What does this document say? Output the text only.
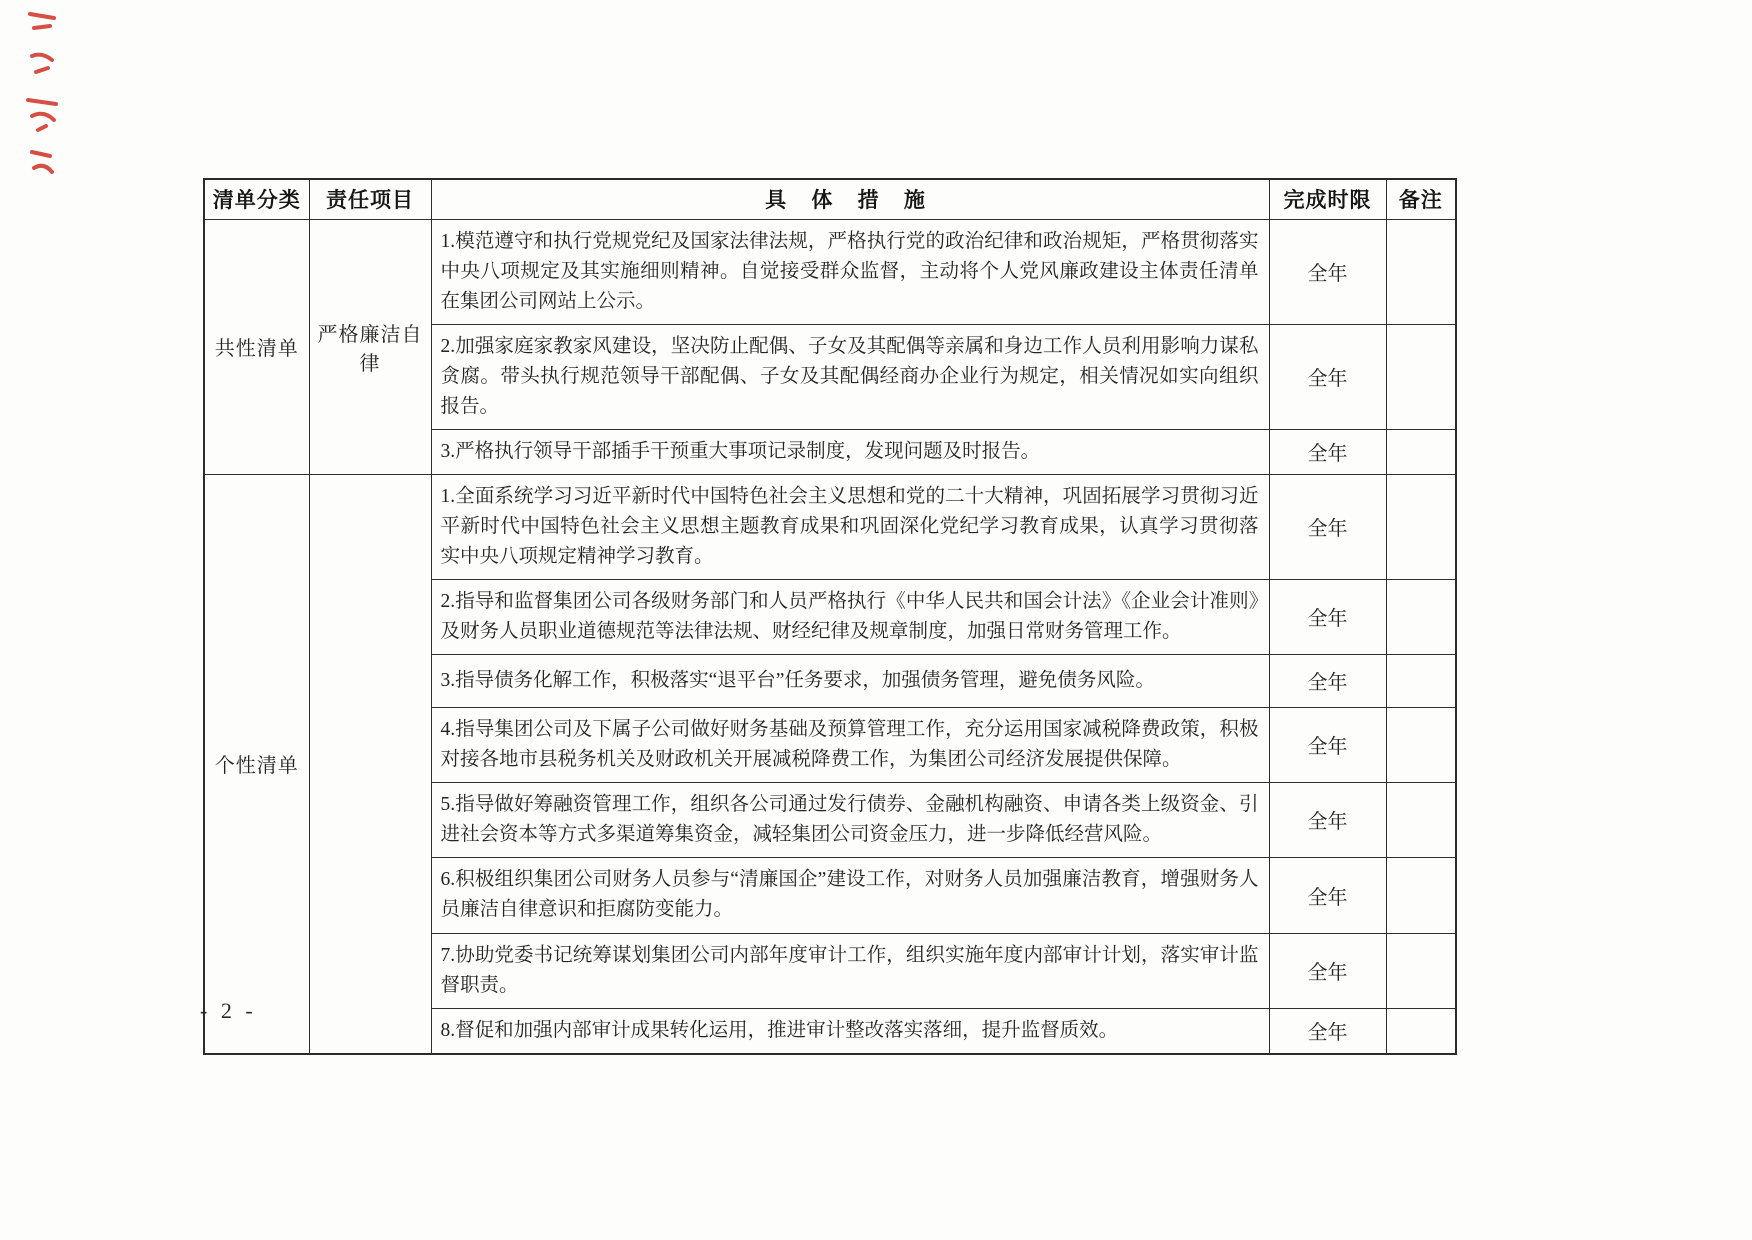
清单分类	责任项目	具 体 措 施	完成时限	备注
共性清单	严格廉洁自律	1.模范遵守和执行党规党纪及国家法律法规，严格执行党的政治纪律和政治规矩，严格贯彻落实中央八项规定及其实施细则精神。自觉接受群众监督，主动将个人党风廉政建设主体责任清单在集团公司网站上公示。	全年	
		2.加强家庭家教家风建设，坚决防止配偶、子女及其配偶等亲属和身边工作人员利用影响力谋私贪腐。带头执行规范领导干部配偶、子女及其配偶经商办企业行为规定，相关情况如实向组织报告。	全年	
		3.严格执行领导干部插手干预重大事项记录制度，发现问题及时报告。	全年	
个性清单		1.全面系统学习习近平新时代中国特色社会主义思想和党的二十大精神，巩固拓展学习贯彻习近平新时代中国特色社会主义思想主题教育成果和巩固深化党纪学习教育成果，认真学习贯彻落实中央八项规定精神学习教育。	全年	
		2.指导和监督集团公司各级财务部门和人员严格执行《中华人民共和国会计法》《企业会计准则》及财务人员职业道德规范等法律法规、财经纪律及规章制度，加强日常财务管理工作。	全年	
		3.指导债务化解工作，积极落实“退平台”任务要求，加强债务管理，避免债务风险。	全年	
		4.指导集团公司及下属子公司做好财务基础及预算管理工作，充分运用国家减税降费政策，积极对接各地市县税务机关及财政机关开展减税降费工作，为集团公司经济发展提供保障。	全年	
		5.指导做好筹融资管理工作，组织各公司通过发行债券、金融机构融资、申请各类上级资金、引进社会资本等方式多渠道筹集资金，减轻集团公司资金压力，进一步降低经营风险。	全年	
		6.积极组织集团公司财务人员参与“清廉国企”建设工作，对财务人员加强廉洁教育，增强财务人员廉洁自律意识和拒腐防变能力。	全年	
		7.协助党委书记统筹谋划集团公司内部年度审计工作，组织实施年度内部审计计划，落实审计监督职责。	全年	
		8.督促和加强内部审计成果转化运用，推进审计整改落实落细，提升监督质效。	全年	
- 2 -
